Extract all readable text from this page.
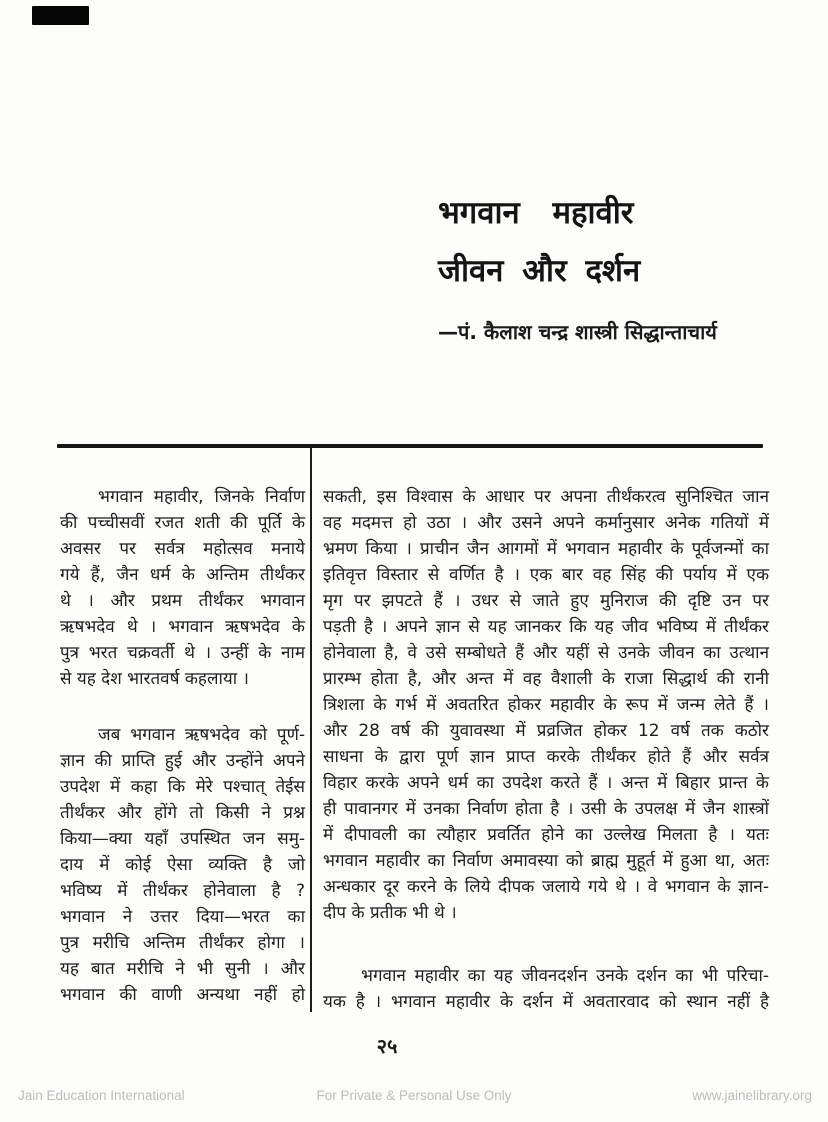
भगवान महावीर
जीवन और दर्शन
—पं. कैलाश चन्द्र शास्त्री सिद्धान्ताचार्य
भगवान महावीर, जिनके निर्वाण
की पच्चीसवीं रजत शती की पूर्ति के
अवसर पर सर्वत्र महोत्सव मनाये
गये हैं, जैन धर्म के अन्तिम तीर्थंकर
थे । और प्रथम तीर्थंकर भगवान
ऋषभदेव थे । भगवान ऋषभदेव के
पुत्र भरत चक्रवर्ती थे । उन्हीं के नाम
से यह देश भारतवर्ष कहलाया ।
जब भगवान ऋषभदेव को पूर्ण-
ज्ञान की प्राप्ति हुई और उन्होंने अपने
उपदेश में कहा कि मेरे पश्चात् तेईस
तीर्थंकर और होंगे तो किसी ने प्रश्न
किया—क्या यहाँ उपस्थित जन समु-
दाय में कोई ऐसा व्यक्ति है जो
भविष्य में तीर्थंकर होनेवाला है ?
भगवान ने उत्तर दिया—भरत का
पुत्र मरीचि अन्तिम तीर्थंकर होगा ।
यह बात मरीचि ने भी सुनी । और
भगवान की वाणी अन्यथा नहीं हो
सकती, इस विश्वास के आधार पर अपना तीर्थंकरत्व सुनिश्चित जान
वह मदमत्त हो उठा । और उसने अपने कर्मानुसार अनेक गतियों में
भ्रमण किया । प्राचीन जैन आगमों में भगवान महावीर के पूर्वजन्मों का
इतिवृत्त विस्तार से वर्णित है । एक बार वह सिंह की पर्याय में एक
मृग पर झपटते हैं । उधर से जाते हुए मुनिराज की दृष्टि उन पर
पड़ती है । अपने ज्ञान से यह जानकर कि यह जीव भविष्य में तीर्थंकर
होनेवाला है, वे उसे सम्बोधते हैं और यहीं से उनके जीवन का उत्थान
प्रारम्भ होता है, और अन्त में वह वैशाली के राजा सिद्धार्थ की रानी
त्रिशला के गर्भ में अवतरित होकर महावीर के रूप में जन्म लेते हैं ।
और 28 वर्ष की युवावस्था में प्रव्रजित होकर 12 वर्ष तक कठोर
साधना के द्वारा पूर्ण ज्ञान प्राप्त करके तीर्थंकर होते हैं और सर्वत्र
विहार करके अपने धर्म का उपदेश करते हैं । अन्त में बिहार प्रान्त के
ही पावानगर में उनका निर्वाण होता है । उसी के उपलक्ष में जैन शास्त्रों
में दीपावली का त्यौहार प्रवर्तित होने का उल्लेख मिलता है । यतः
भगवान महावीर का निर्वाण अमावस्या को ब्राह्म मुहूर्त में हुआ था, अतः
अन्धकार दूर करने के लिये दीपक जलाये गये थे । वे भगवान के ज्ञान-
दीप के प्रतीक भी थे ।
भगवान महावीर का यह जीवनदर्शन उनके दर्शन का भी परिचा-
यक है । भगवान महावीर के दर्शन में अवतारवाद को स्थान नहीं है
२५
Jain Education International	For Private & Personal Use Only	www.jainelibrary.org
